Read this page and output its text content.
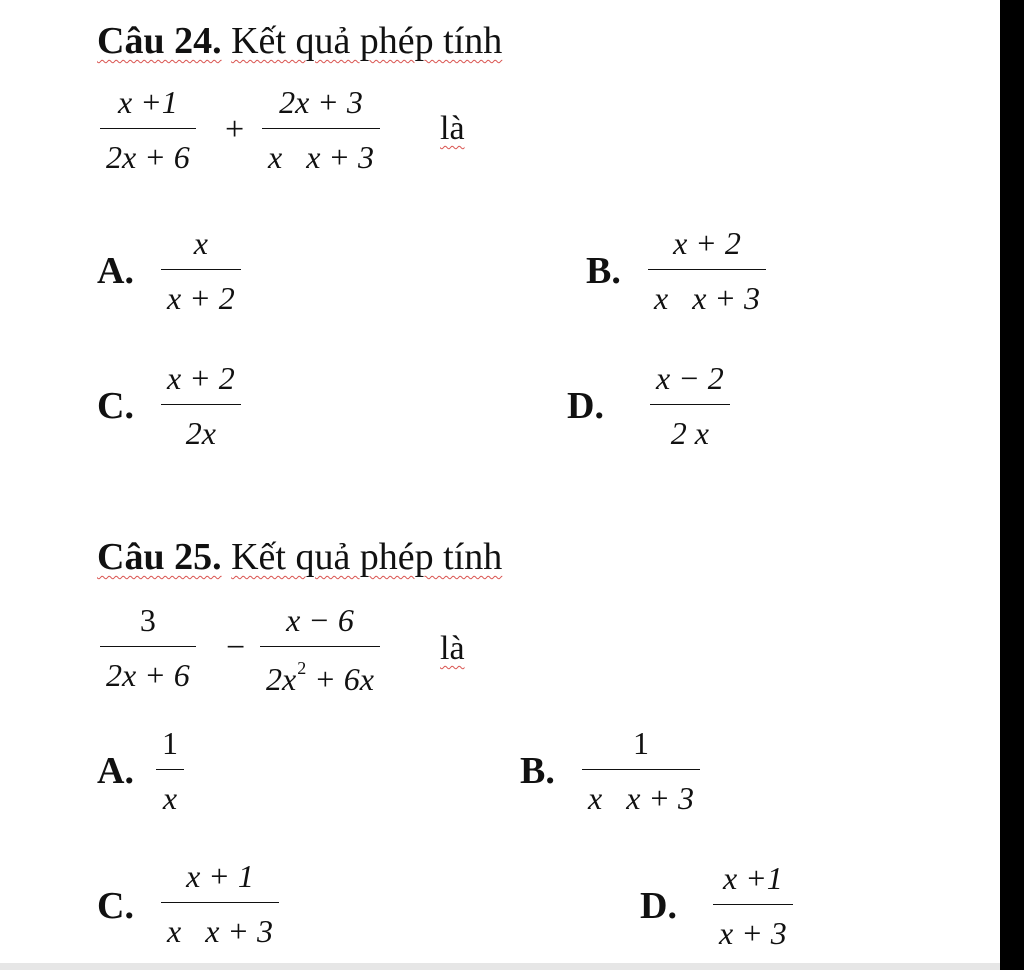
Câu 24. Kết quả phép tính
x +1
2x + 6
+
2x + 3
x   x + 3
là
A.
x
x + 2
B.
x + 2
x   x + 3
C.
x + 2
2x
D.
x − 2
2 x
Câu 25. Kết quả phép tính
3
2x + 6
−
x − 6
$2x^2 + 6x$
là
A.
1
x
B.
1
x   x + 3
C.
x + 1
x   x + 3
D.
x +1
x + 3
